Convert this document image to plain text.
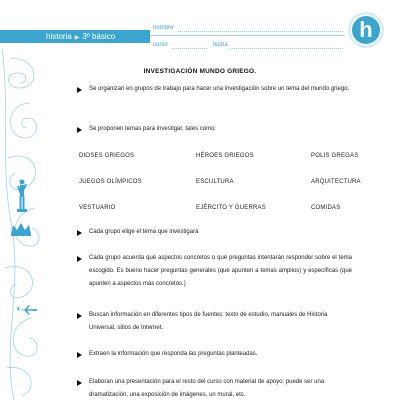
historia ▶ 3º básico
nombre
curso	fecha
h
INVESTIGACIÓN MUNDO GRIEGO.
Se organizan en grupos de trabajo para hacer una investigación sobre un tema del mundo griego.
Se proponen temas para investigar, tales como:
DIOSES GRIEGOS	HÉROES GRIEGOS	POLIS GREGAS
JUEGOS OLÍMPICOS	ESCULTURA	ARQUITECTURA
VESTUARIO	EJÉRCITO Y GUERRAS	COMIDAS
Cada grupo elige el tema que investigará
Cada grupo acuerda qué aspectos concretos o qué preguntas intentarán responder sobre el tema escogido. Es bueno hacer preguntas generales (que apunten a temas amplios) y específicas (que apunten a aspectos más concretos.)
Buscan información en diferentes tipos de fuentes: texto de estudio, manuales de Historia Universal, sitios de Internet.
Extraen la información que responda las preguntas planteadas.
Elaboran una presentación para el resto del curso con material de apoyo: puede ser una dramatización, una exposición de imágenes, un mural, etc.
